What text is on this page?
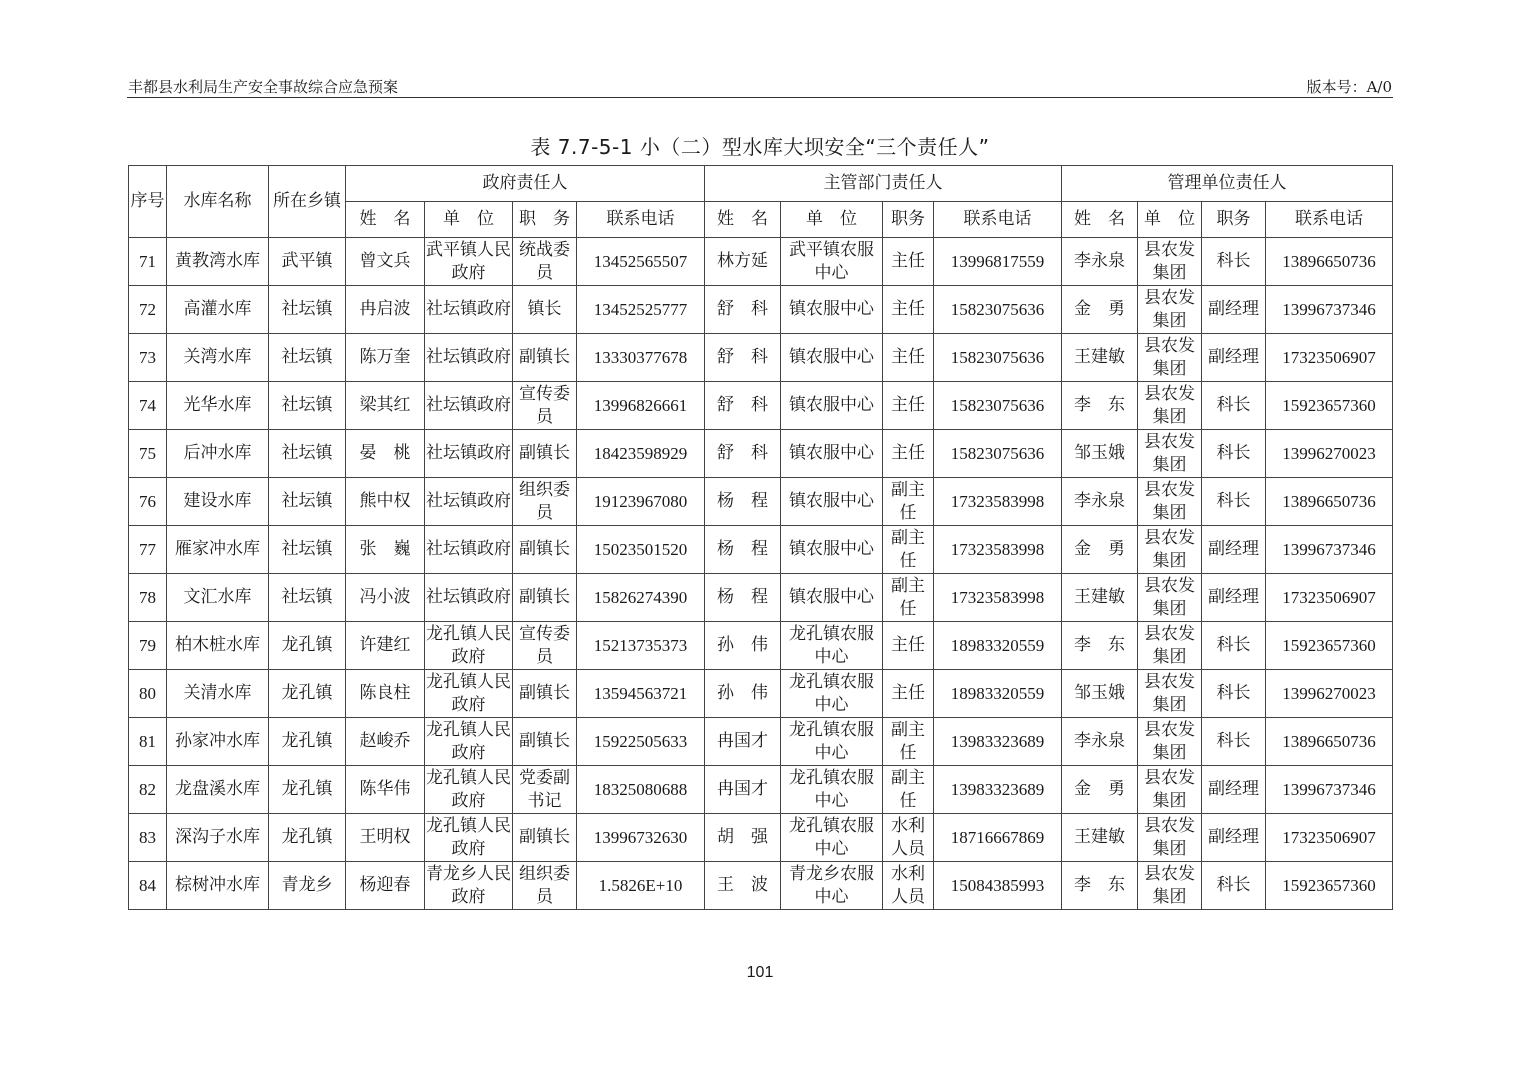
丰都县水利局生产安全事故综合应急预案	版本号：A/0
表 7.7-5-1 小（二）型水库大坝安全“三个责任人”
序号	水库名称	所在乡镇	政府责任人				主管部门责任人				管理单位责任人			
			姓　名	单　位	职　务	联系电话	姓　名	单　位	职务	联系电话	姓　名	单　位	职务	联系电话
71	黄教湾水库	武平镇	曾文兵	武平镇人民政府	统战委员	13452565507	林方延	武平镇农服中心	主任	13996817559	李永泉	县农发集团	科长	13896650736
72	高灌水库	社坛镇	冉启波	社坛镇政府	镇长	13452525777	舒　科	镇农服中心	主任	15823075636	金　勇	县农发集团	副经理	13996737346
73	关湾水库	社坛镇	陈万奎	社坛镇政府	副镇长	13330377678	舒　科	镇农服中心	主任	15823075636	王建敏	县农发集团	副经理	17323506907
74	光华水库	社坛镇	梁其红	社坛镇政府	宣传委员	13996826661	舒　科	镇农服中心	主任	15823075636	李　东	县农发集团	科长	15923657360
75	后冲水库	社坛镇	晏　桃	社坛镇政府	副镇长	18423598929	舒　科	镇农服中心	主任	15823075636	邹玉娥	县农发集团	科长	13996270023
76	建设水库	社坛镇	熊中权	社坛镇政府	组织委员	19123967080	杨　程	镇农服中心	副主任	17323583998	李永泉	县农发集团	科长	13896650736
77	雁家冲水库	社坛镇	张　巍	社坛镇政府	副镇长	15023501520	杨　程	镇农服中心	副主任	17323583998	金　勇	县农发集团	副经理	13996737346
78	文汇水库	社坛镇	冯小波	社坛镇政府	副镇长	15826274390	杨　程	镇农服中心	副主任	17323583998	王建敏	县农发集团	副经理	17323506907
79	柏木桩水库	龙孔镇	许建红	龙孔镇人民政府	宣传委员	15213735373	孙　伟	龙孔镇农服中心	主任	18983320559	李　东	县农发集团	科长	15923657360
80	关清水库	龙孔镇	陈良柱	龙孔镇人民政府	副镇长	13594563721	孙　伟	龙孔镇农服中心	主任	18983320559	邹玉娥	县农发集团	科长	13996270023
81	孙家冲水库	龙孔镇	赵峻乔	龙孔镇人民政府	副镇长	15922505633	冉国才	龙孔镇农服中心	副主任	13983323689	李永泉	县农发集团	科长	13896650736
82	龙盘溪水库	龙孔镇	陈华伟	龙孔镇人民政府	党委副书记	18325080688	冉国才	龙孔镇农服中心	副主任	13983323689	金　勇	县农发集团	副经理	13996737346
83	深沟子水库	龙孔镇	王明权	龙孔镇人民政府	副镇长	13996732630	胡　强	龙孔镇农服中心	水利人员	18716667869	王建敏	县农发集团	副经理	17323506907
84	棕树冲水库	青龙乡	杨迎春	青龙乡人民政府	组织委员	1.5826E+10	王　波	青龙乡农服中心	水利人员	15084385993	李　东	县农发集团	科长	15923657360
101
